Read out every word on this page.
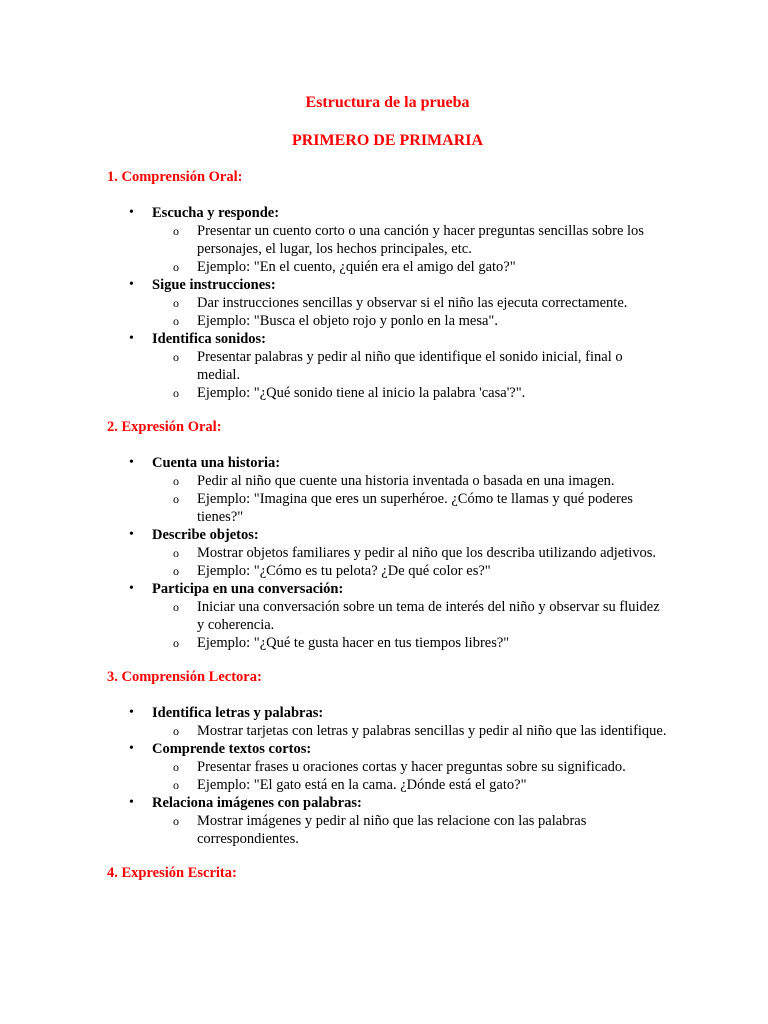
Estructura de la prueba
PRIMERO DE PRIMARIA
1. Comprensión Oral:
• Escucha y responde:
o Presentar un cuento corto o una canción y hacer preguntas sencillas sobre los personajes, el lugar, los hechos principales, etc.
o Ejemplo: "En el cuento, ¿quién era el amigo del gato?"
• Sigue instrucciones:
o Dar instrucciones sencillas y observar si el niño las ejecuta correctamente.
o Ejemplo: "Busca el objeto rojo y ponlo en la mesa".
• Identifica sonidos:
o Presentar palabras y pedir al niño que identifique el sonido inicial, final o medial.
o Ejemplo: "¿Qué sonido tiene al inicio la palabra 'casa'?".
2. Expresión Oral:
• Cuenta una historia:
o Pedir al niño que cuente una historia inventada o basada en una imagen.
o Ejemplo: "Imagina que eres un superhéroe. ¿Cómo te llamas y qué poderes tienes?"
• Describe objetos:
o Mostrar objetos familiares y pedir al niño que los describa utilizando adjetivos.
o Ejemplo: "¿Cómo es tu pelota? ¿De qué color es?"
• Participa en una conversación:
o Iniciar una conversación sobre un tema de interés del niño y observar su fluidez y coherencia.
o Ejemplo: "¿Qué te gusta hacer en tus tiempos libres?"
3. Comprensión Lectora:
• Identifica letras y palabras:
o Mostrar tarjetas con letras y palabras sencillas y pedir al niño que las identifique.
• Comprende textos cortos:
o Presentar frases u oraciones cortas y hacer preguntas sobre su significado.
o Ejemplo: "El gato está en la cama. ¿Dónde está el gato?"
• Relaciona imágenes con palabras:
o Mostrar imágenes y pedir al niño que las relacione con las palabras correspondientes.
4. Expresión Escrita:
